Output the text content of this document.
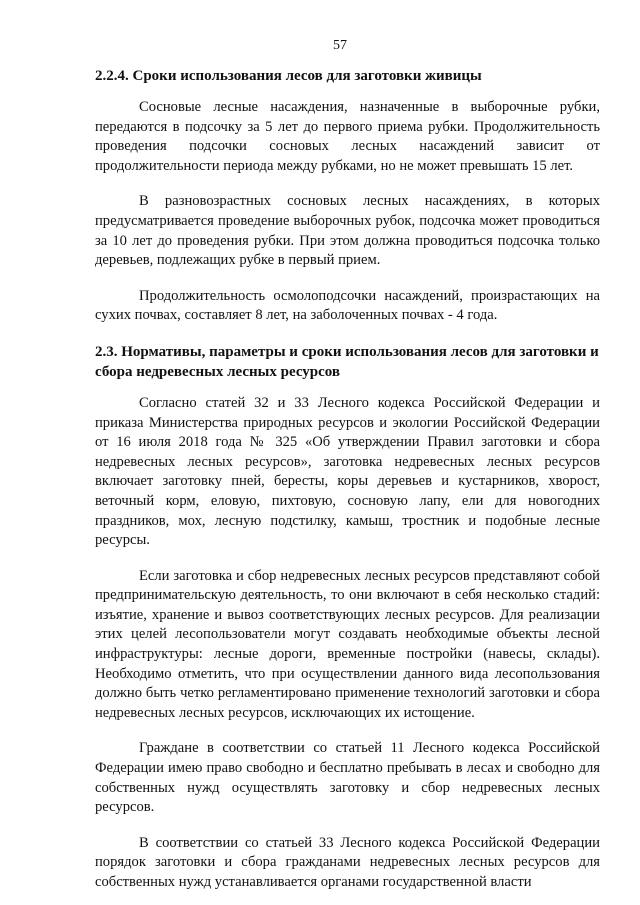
57
2.2.4. Сроки использования лесов для заготовки живицы

Сосновые лесные насаждения, назначенные в выборочные рубки, передаются в подсочку за 5 лет до первого приема рубки. Продолжительность проведения подсочки сосновых лесных насаждений зависит от продолжительности периода между рубками, но не может превышать 15 лет.

В разновозрастных сосновых лесных насаждениях, в которых предусматривается проведение выборочных рубок, подсочка может проводиться за 10 лет до проведения рубки. При этом должна проводиться подсочка только деревьев, подлежащих рубке в первый прием.

Продолжительность осмолоподсочки насаждений, произрастающих на сухих почвах, составляет 8 лет, на заболоченных почвах - 4 года.

2.3. Нормативы, параметры и сроки использования лесов для заготовки и сбора недревесных лесных ресурсов

Согласно статей 32 и 33 Лесного кодекса Российской Федерации и приказа Министерства природных ресурсов и экологии Российской Федерации от 16 июля 2018 года № 325 «Об утверждении Правил заготовки и сбора недревесных лесных ресурсов», заготовка недревесных лесных ресурсов включает заготовку пней, бересты, коры деревьев и кустарников, хворост, веточный корм, еловую, пихтовую, сосновую лапу, ели для новогодних праздников, мох, лесную подстилку, камыш, тростник и подобные лесные ресурсы.

Если заготовка и сбор недревесных лесных ресурсов представляют собой предпринимательскую деятельность, то они включают в себя несколько стадий: изъятие, хранение и вывоз соответствующих лесных ресурсов. Для реализации этих целей лесопользователи могут создавать необходимые объекты лесной инфраструктуры: лесные дороги, временные постройки (навесы, склады). Необходимо отметить, что при осуществлении данного вида лесопользования должно быть четко регламентировано применение технологий заготовки и сбора недревесных лесных ресурсов, исключающих их истощение.

Граждане в соответствии со статьей 11 Лесного кодекса Российской Федерации имею право свободно и бесплатно пребывать в лесах и свободно для собственных нужд осуществлять заготовку и сбор недревесных лесных ресурсов.

В соответствии со статьей 33 Лесного кодекса Российской Федерации порядок заготовки и сбора гражданами недревесных лесных ресурсов для собственных нужд устанавливается органами государственной власти
